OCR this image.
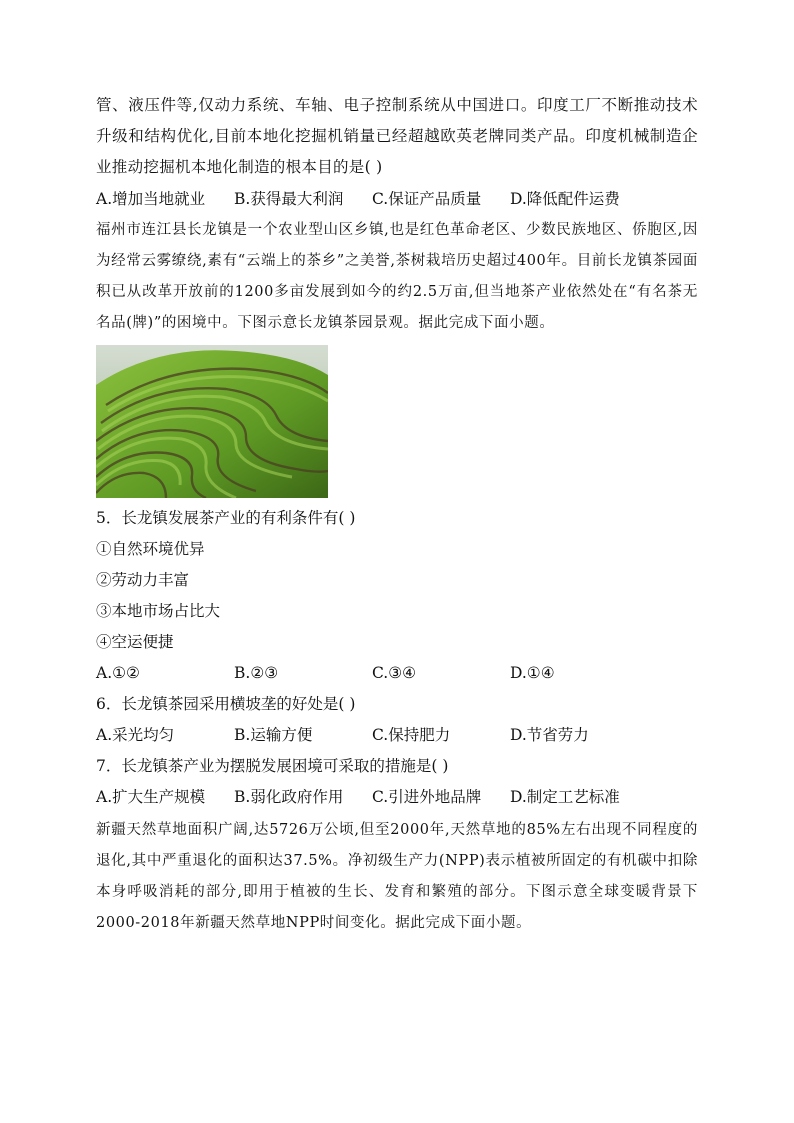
管、液压件等,仅动力系统、车轴、电子控制系统从中国进口。印度工厂不断推动技术升级和结构优化,目前本地化挖掘机销量已经超越欧英老牌同类产品。印度机械制造企业推动挖掘机本地化制造的根本目的是( )

A.增加当地就业 B.获得最大利润 C.保证产品质量 D.降低配件运费

福州市连江县长龙镇是一个农业型山区乡镇,也是红色革命老区、少数民族地区、侨胞区,因为经常云雾缭绕,素有“云端上的茶乡”之美誉,茶树栽培历史超过400年。目前长龙镇茶园面积已从改革开放前的1200多亩发展到如今的约2.5万亩,但当地茶产业依然处在“有名茶无名品(牌)”的困境中。下图示意长龙镇茶园景观。据此完成下面小题。

5．长龙镇发展茶产业的有利条件有( )

①自然环境优异

②劳动力丰富

③本地市场占比大

④空运便捷

A.①②	B.②③	C.③④	D.①④

6．长龙镇茶园采用横坡垄的好处是( )

A.采光均匀	B.运输方便	C.保持肥力	D.节省劳力

7．长龙镇茶产业为摆脱发展困境可采取的措施是( )

A.扩大生产规模 B.弱化政府作用 C.引进外地品牌 D.制定工艺标准

新疆天然草地面积广阔,达5726万公顷,但至2000年,天然草地的85%左右出现不同程度的退化,其中严重退化的面积达37.5%。净初级生产力(NPP)表示植被所固定的有机碳中扣除本身呼吸消耗的部分,即用于植被的生长、发育和繁殖的部分。下图示意全球变暖背景下2000-2018年新疆天然草地NPP时间变化。据此完成下面小题。
